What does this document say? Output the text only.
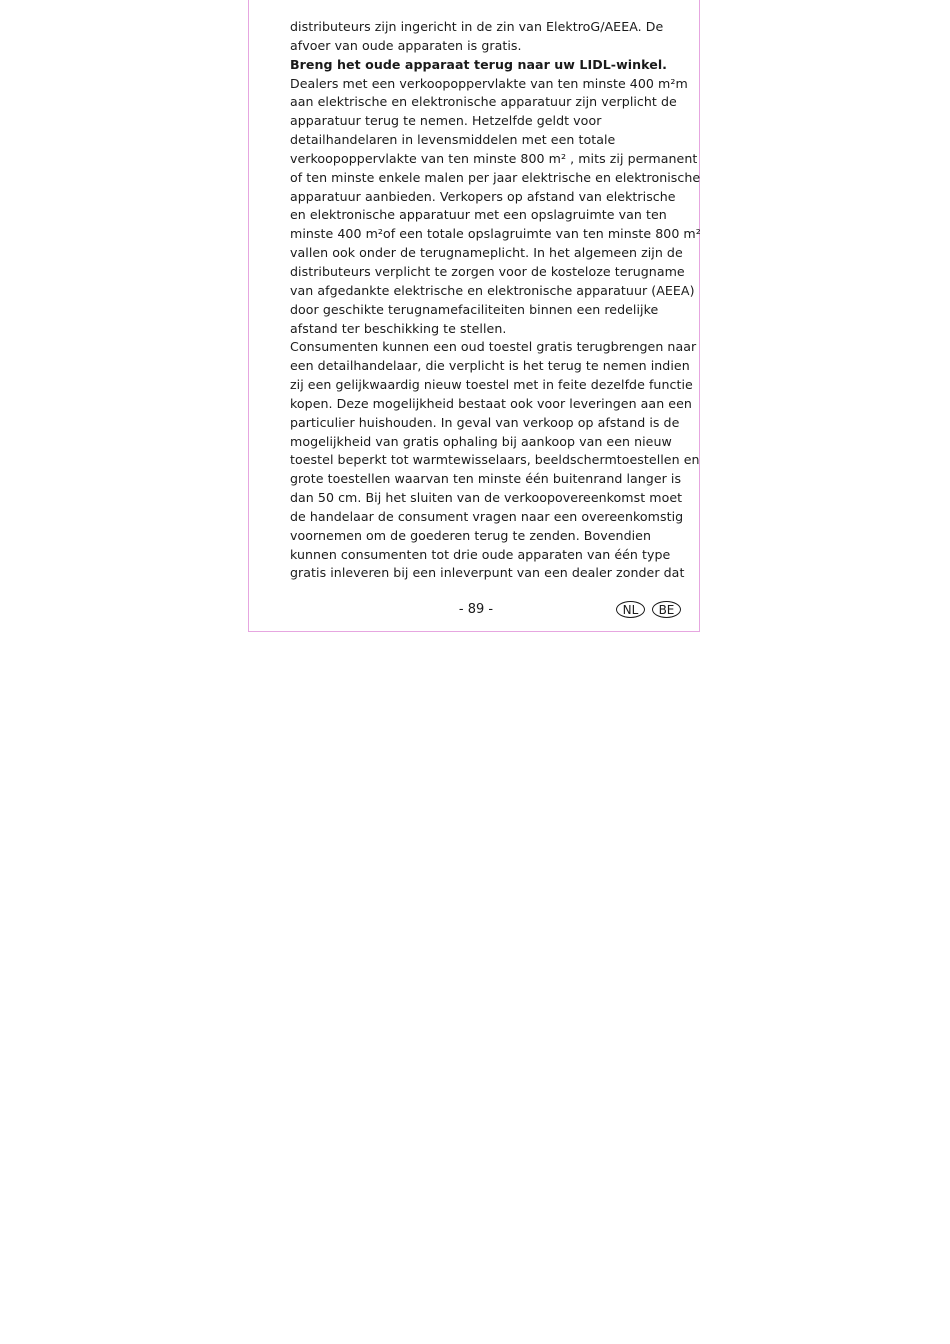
distributeurs zijn ingericht in de zin van ElektroG/AEEA. De
afvoer van oude apparaten is gratis.
Breng het oude apparaat terug naar uw LIDL-winkel.
Dealers met een verkoopoppervlakte van ten minste 400 m²m
aan elektrische en elektronische apparatuur zijn verplicht de
apparatuur terug te nemen. Hetzelfde geldt voor
detailhandelaren in levensmiddelen met een totale
verkoopoppervlakte van ten minste 800 m² , mits zij permanent
of ten minste enkele malen per jaar elektrische en elektronische
apparatuur aanbieden. Verkopers op afstand van elektrische
en elektronische apparatuur met een opslagruimte van ten
minste 400 m²of een totale opslagruimte van ten minste 800 m²
vallen ook onder de terugnameplicht. In het algemeen zijn de
distributeurs verplicht te zorgen voor de kosteloze terugname
van afgedankte elektrische en elektronische apparatuur (AEEA)
door geschikte terugnamefaciliteiten binnen een redelijke
afstand ter beschikking te stellen.
Consumenten kunnen een oud toestel gratis terugbrengen naar
een detailhandelaar, die verplicht is het terug te nemen indien
zij een gelijkwaardig nieuw toestel met in feite dezelfde functie
kopen. Deze mogelijkheid bestaat ook voor leveringen aan een
particulier huishouden. In geval van verkoop op afstand is de
mogelijkheid van gratis ophaling bij aankoop van een nieuw
toestel beperkt tot warmtewisselaars, beeldschermtoestellen en
grote toestellen waarvan ten minste één buitenrand langer is
dan 50 cm. Bij het sluiten van de verkoopovereenkomst moet
de handelaar de consument vragen naar een overeenkomstig
voornemen om de goederen terug te zenden. Bovendien
kunnen consumenten tot drie oude apparaten van één type
gratis inleveren bij een inleverpunt van een dealer zonder dat
- 89 -	NL	BE
